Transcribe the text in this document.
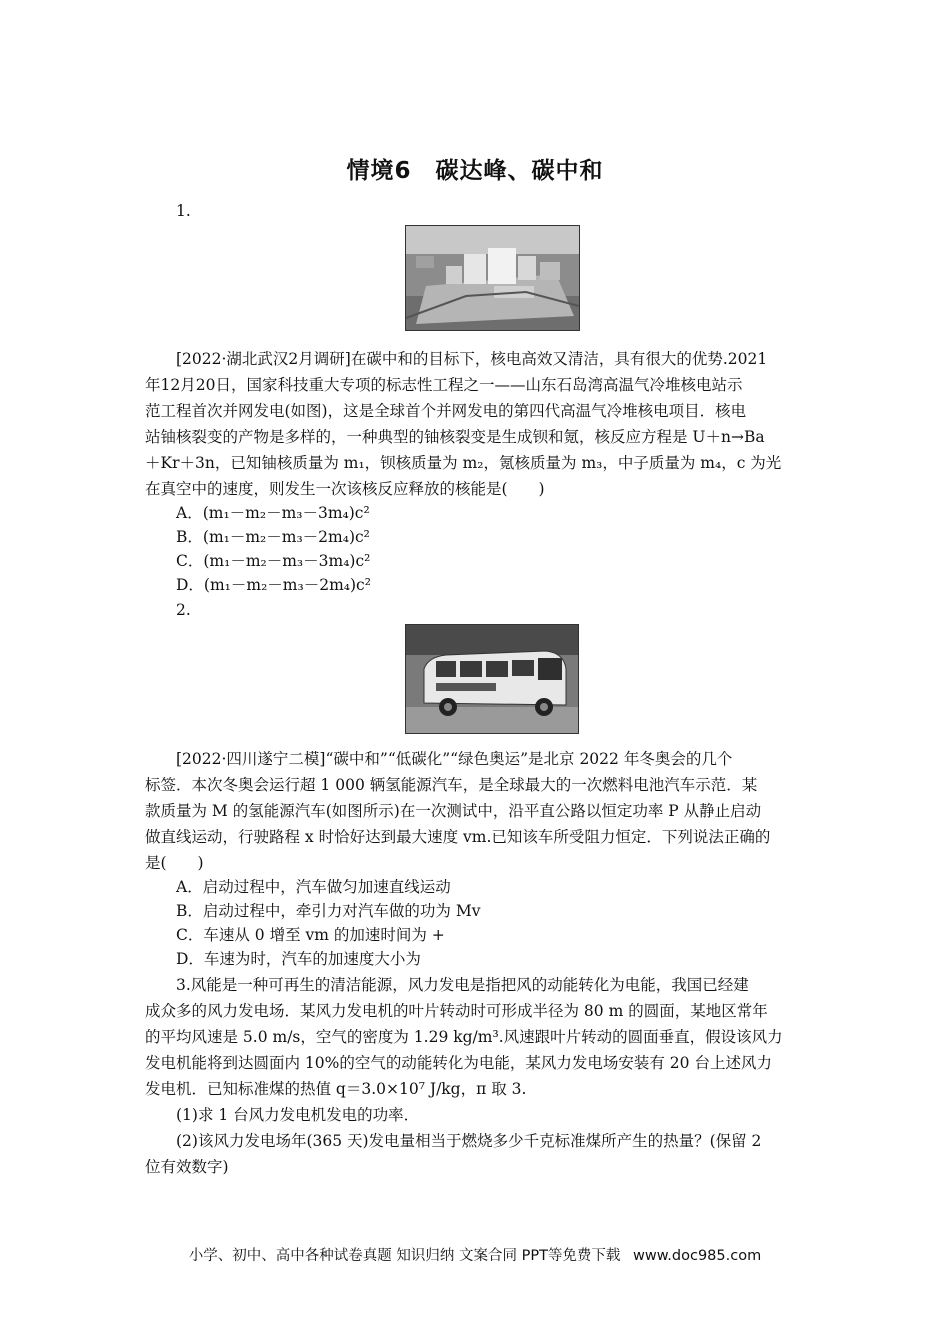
情境6　碳达峰、碳中和
1.
[2022·湖北武汉2月调研]在碳中和的目标下，核电高效又清洁，具有很大的优势.2021
年12月20日，国家科技重大专项的标志性工程之一——山东石岛湾高温气冷堆核电站示
范工程首次并网发电(如图)，这是全球首个并网发电的第四代高温气冷堆核电项目．核电
站铀核裂变的产物是多样的，一种典型的铀核裂变是生成钡和氪，核反应方程是 U＋n→Ba
＋Kr＋3n，已知铀核质量为 m₁，钡核质量为 m₂，氪核质量为 m₃，中子质量为 m₄，c 为光
在真空中的速度，则发生一次该核反应释放的核能是(　　)
A．(m₁－m₂－m₃－3m₄)c²
B．(m₁－m₂－m₃－2m₄)c²
C．(m₁－m₂－m₃－3m₄)c²
D．(m₁－m₂－m₃－2m₄)c²
2.
[2022·四川遂宁二模]“碳中和”“低碳化”“绿色奥运”是北京 2022 年冬奥会的几个
标签．本次冬奥会运行超 1 000 辆氢能源汽车，是全球最大的一次燃料电池汽车示范．某
款质量为 M 的氢能源汽车(如图所示)在一次测试中，沿平直公路以恒定功率 P 从静止启动
做直线运动，行驶路程 x 时恰好达到最大速度 vm.已知该车所受阻力恒定．下列说法正确的
是(　　)
A．启动过程中，汽车做匀加速直线运动
B．启动过程中，牵引力对汽车做的功为 Mv
C．车速从 0 增至 vm 的加速时间为 +
D．车速为时，汽车的加速度大小为
3.风能是一种可再生的清洁能源，风力发电是指把风的动能转化为电能，我国已经建
成众多的风力发电场．某风力发电机的叶片转动时可形成半径为 80 m 的圆面，某地区常年
的平均风速是 5.0 m/s，空气的密度为 1.29 kg/m³.风速跟叶片转动的圆面垂直，假设该风力
发电机能将到达圆面内 10%的空气的动能转化为电能，某风力发电场安装有 20 台上述风力
发电机．已知标准煤的热值 q＝3.0×10⁷ J/kg，π 取 3.
(1)求 1 台风力发电机发电的功率．
(2)该风力发电场年(365 天)发电量相当于燃烧多少千克标准煤所产生的热量？(保留 2
位有效数字)
小学、初中、高中各种试卷真题 知识归纳 文案合同 PPT等免费下载 www.doc985.com
